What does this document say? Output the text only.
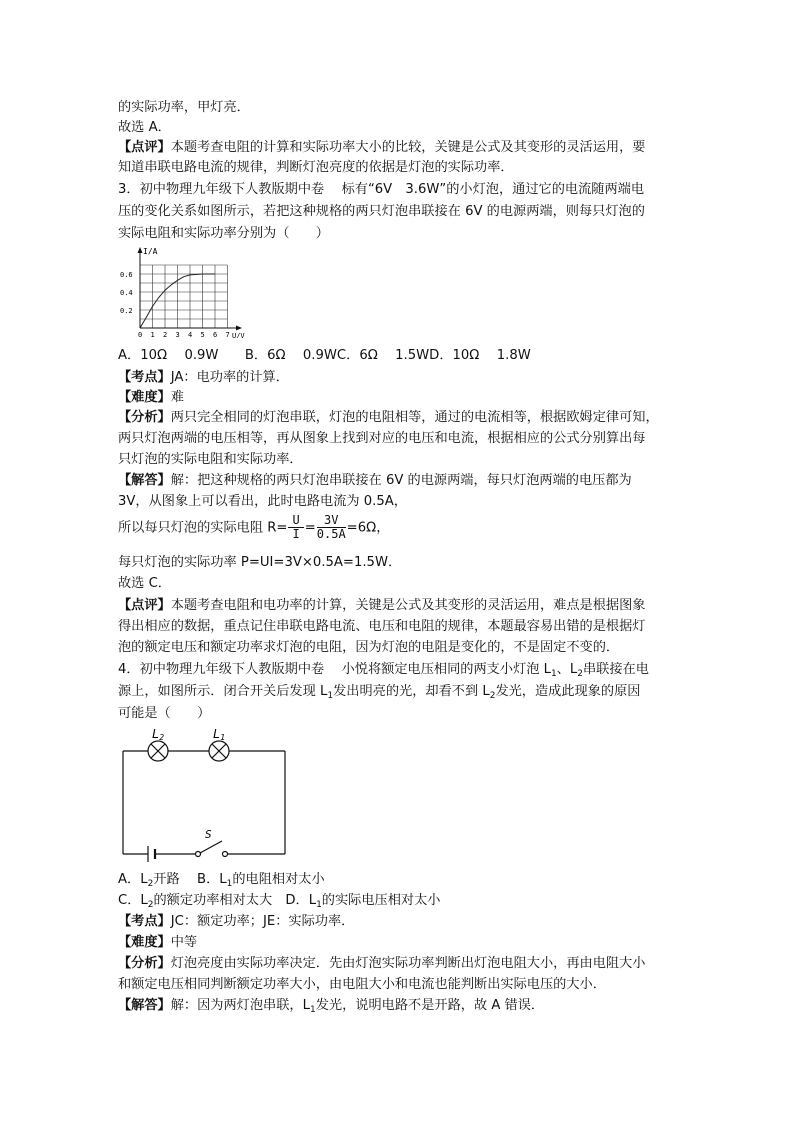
的实际功率，甲灯亮．
故选 A．
【点评】本题考查电阻的计算和实际功率大小的比较，关键是公式及其变形的灵活运用，要
知道串联电路电流的规律，判断灯泡亮度的依据是灯泡的实际功率．
3．初中物理九年级下人教版期中卷　 标有“6V　3.6W”的小灯泡，通过它的电流随两端电
压的变化关系如图所示，若把这种规格的两只灯泡串联接在 6V 的电源两端，则每只灯泡的
实际电阻和实际功率分别为（　　）
I/A
U/V
0.6
0.4
0.2
0 1 2 3 4 5 6 7
A．10Ω　 0.9W　　B．6Ω　 0.9WC．6Ω　 1.5WD．10Ω　 1.8W
【考点】JA：电功率的计算．
【难度】难
【分析】两只完全相同的灯泡串联，灯泡的电阻相等，通过的电流相等，根据欧姆定律可知，
两只灯泡两端的电压相等，再从图象上找到对应的电压和电流，根据相应的公式分别算出每
只灯泡的实际电阻和实际功率．
【解答】解：把这种规格的两只灯泡串联接在 6V 的电源两端，每只灯泡两端的电压都为
3V，从图象上可以看出，此时电路电流为 0.5A，
所以每只灯泡的实际电阻 $R= \frac{U}{I} = \frac{3V}{0.5A} =6\Omega$，
每只灯泡的实际功率 P=UI=3V×0.5A=1.5W．
故选 C．
【点评】本题考查电阻和电功率的计算，关键是公式及其变形的灵活运用，难点是根据图象
得出相应的数据，重点记住串联电路电流、电压和电阻的规律，本题最容易出错的是根据灯
泡的额定电压和额定功率求灯泡的电阻，因为灯泡的电阻是变化的，不是固定不变的．
4．初中物理九年级下人教版期中卷　 小悦将额定电压相同的两支小灯泡 $L_1$、$L_2$串联接在电
源上，如图所示．闭合开关后发现 $L_1$发出明亮的光，却看不到 $L_2$发光，造成此现象的原因
可能是（　　）
L2	L1
S
A．$L_2$开路　 B．$L_1$的电阻相对太小
C．$L_2$的额定功率相对太大　D．$L_1$的实际电压相对太小
【考点】JC：额定功率；JE：实际功率．
【难度】中等
【分析】灯泡亮度由实际功率决定．先由灯泡实际功率判断出灯泡电阻大小，再由电阻大小
和额定电压相同判断额定功率大小，由电阻大小和电流也能判断出实际电压的大小．
【解答】解：因为两灯泡串联，$L_1$发光，说明电路不是开路，故 A 错误．
